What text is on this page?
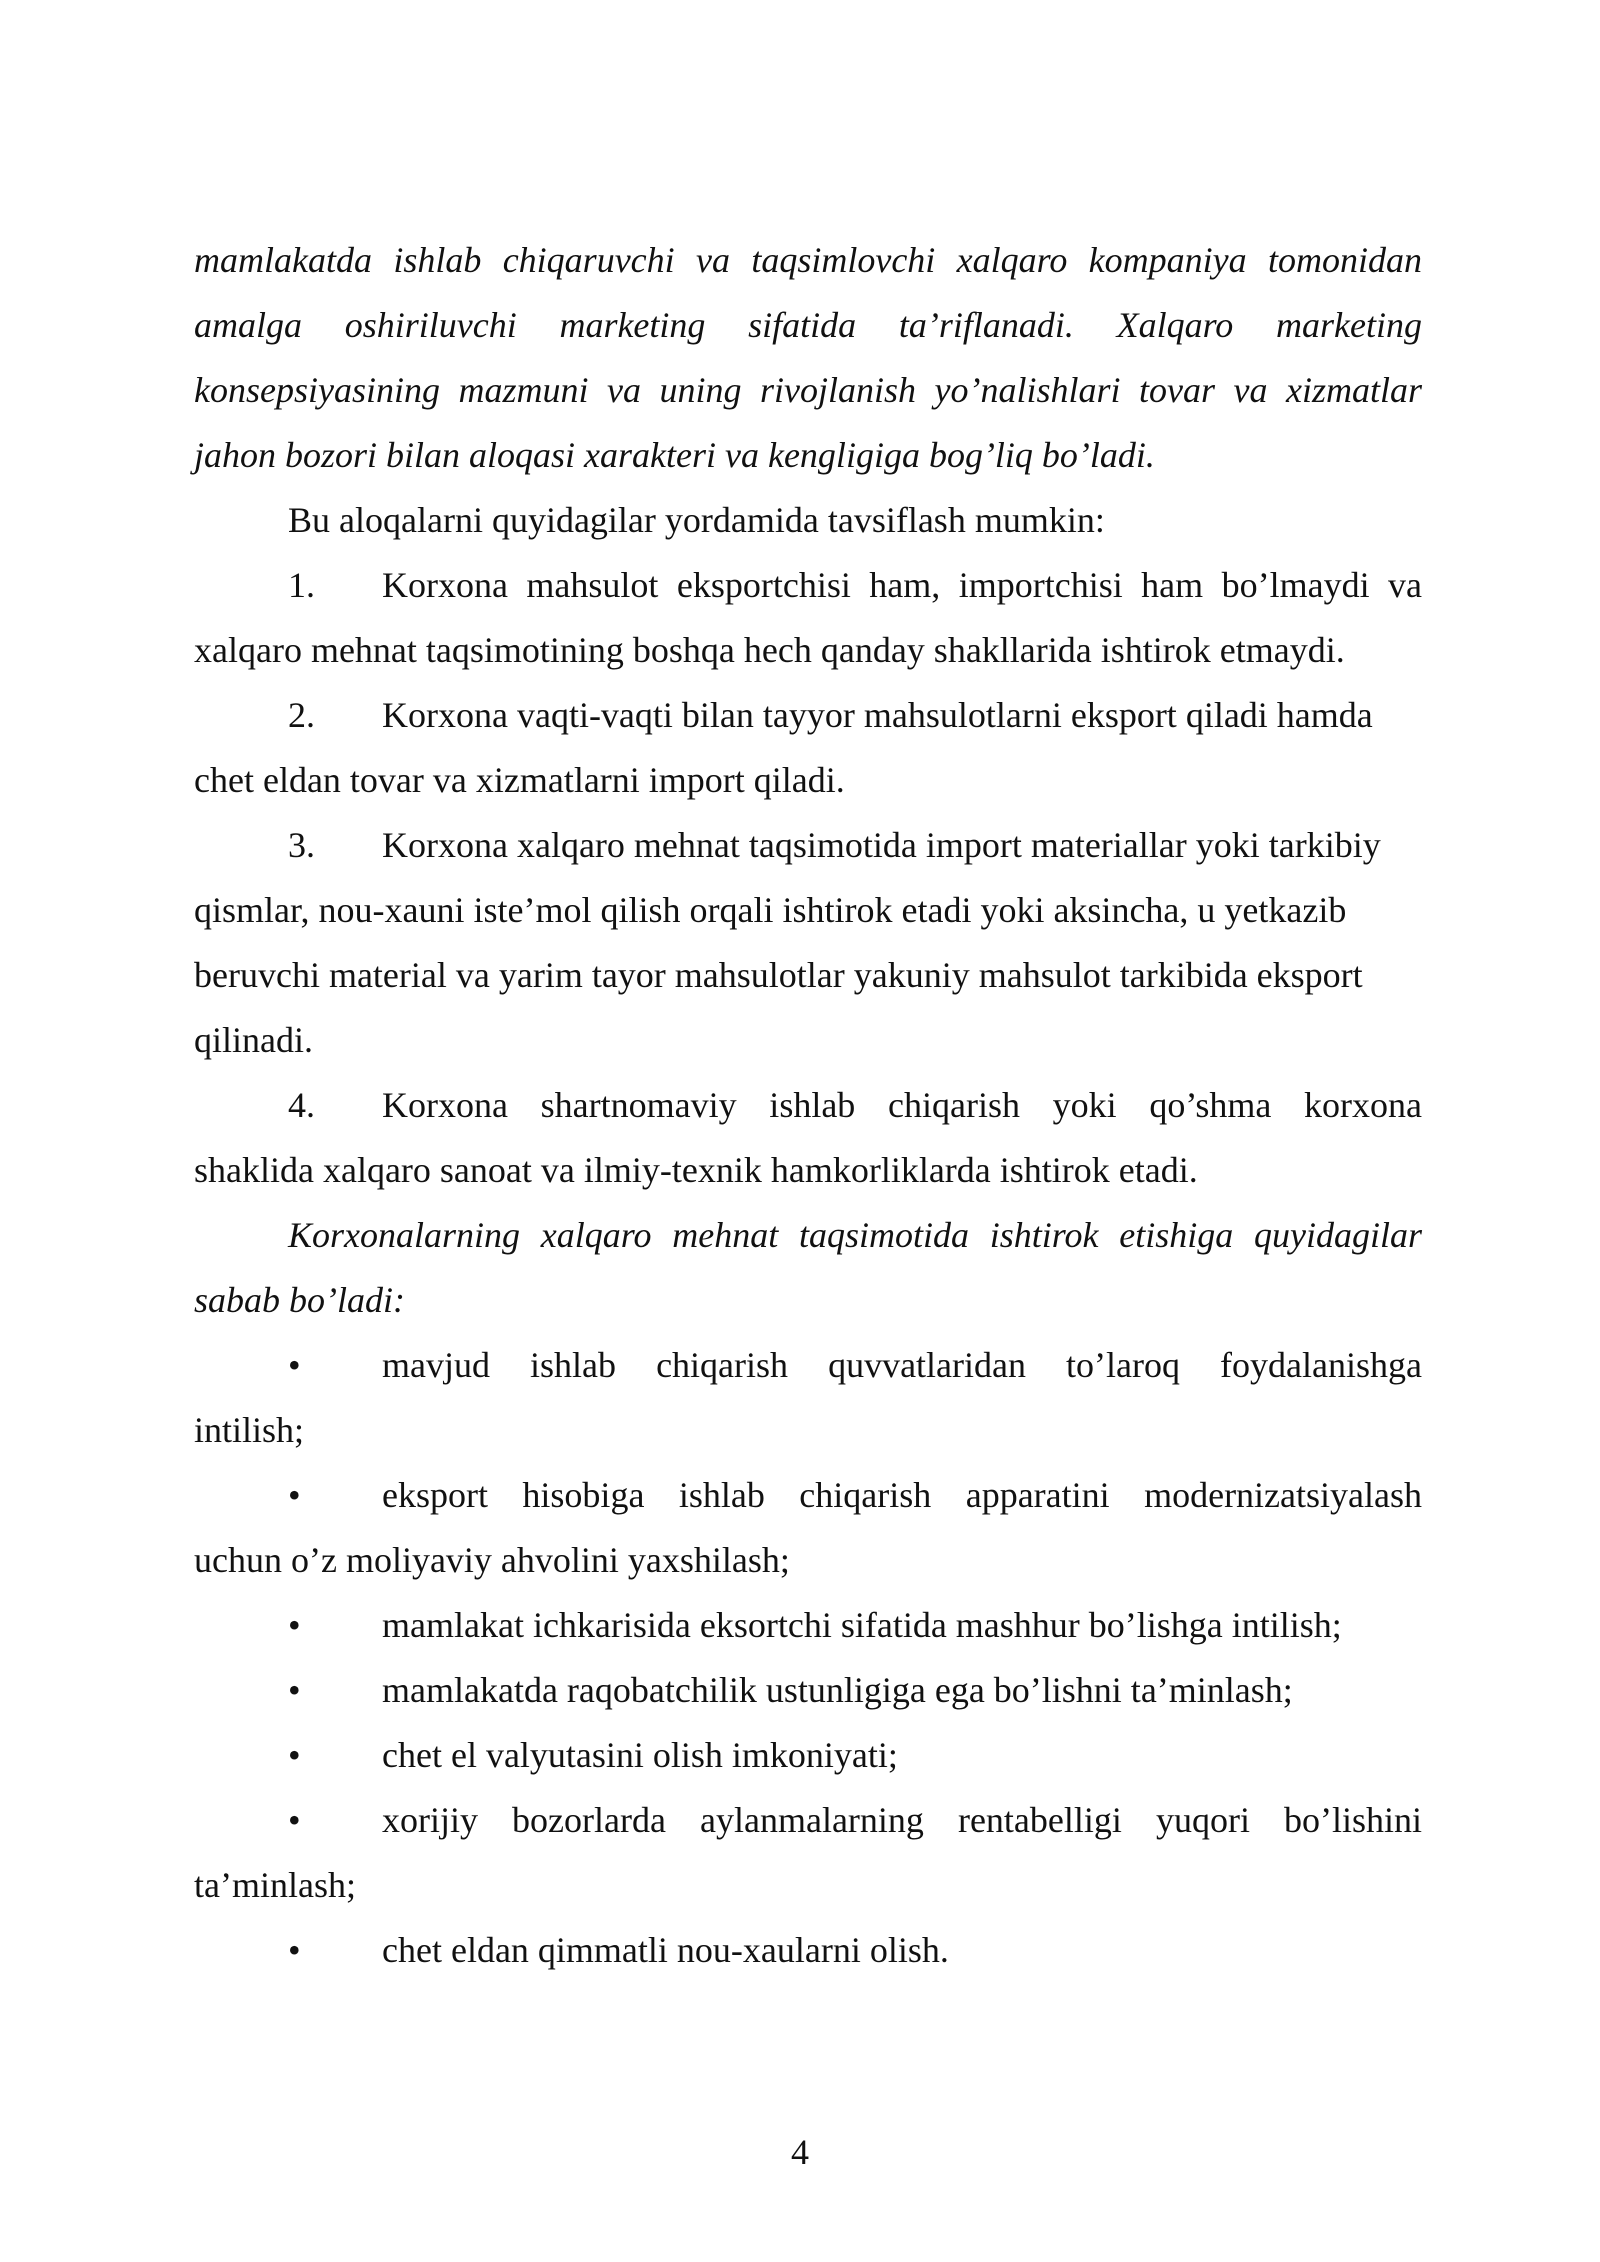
mamlakatda ishlab chiqaruvchi va taqsimlovchi xalqaro kompaniya tomonidan
amalga oshiriluvchi marketing sifatida ta’riflanadi. Xalqaro marketing
konsepsiyasining mazmuni va uning rivojlanish yo’nalishlari tovar va xizmatlar
jahon bozori bilan aloqasi xarakteri va kengligiga bog’liq bo’ladi.
Bu aloqalarni quyidagilar yordamida tavsiflash mumkin:
1.	Korxona mahsulot eksportchisi ham, importchisi ham bo’lmaydi va
xalqaro mehnat taqsimotining boshqa hech qanday shakllarida ishtirok etmaydi.
2.	Korxona vaqti-vaqti bilan tayyor mahsulotlarni eksport qiladi hamda
chet eldan tovar va xizmatlarni import qiladi.
3.	Korxona xalqaro mehnat taqsimotida import materiallar yoki tarkibiy
qismlar, nou-xauni iste’mol qilish orqali ishtirok etadi yoki aksincha, u yetkazib
beruvchi material va yarim tayor mahsulotlar yakuniy mahsulot tarkibida eksport
qilinadi.
4.	Korxona shartnomaviy ishlab chiqarish yoki qo’shma korxona
shaklida xalqaro sanoat va ilmiy-texnik hamkorliklarda ishtirok etadi.
Korxonalarning xalqaro mehnat taqsimotida ishtirok etishiga quyidagilar
sabab bo’ladi:
•	mavjud ishlab chiqarish quvvatlaridan to’laroq foydalanishga
intilish;
•	eksport hisobiga ishlab chiqarish apparatini modernizatsiyalash
uchun o’z moliyaviy ahvolini yaxshilash;
•	mamlakat ichkarisida eksortchi sifatida mashhur bo’lishga intilish;
•	mamlakatda raqobatchilik ustunligiga ega bo’lishni ta’minlash;
•	chet el valyutasini olish imkoniyati;
•	xorijiy bozorlarda aylanmalarning rentabelligi yuqori bo’lishini
ta’minlash;
•	chet eldan qimmatli nou-xaularni olish.
4
